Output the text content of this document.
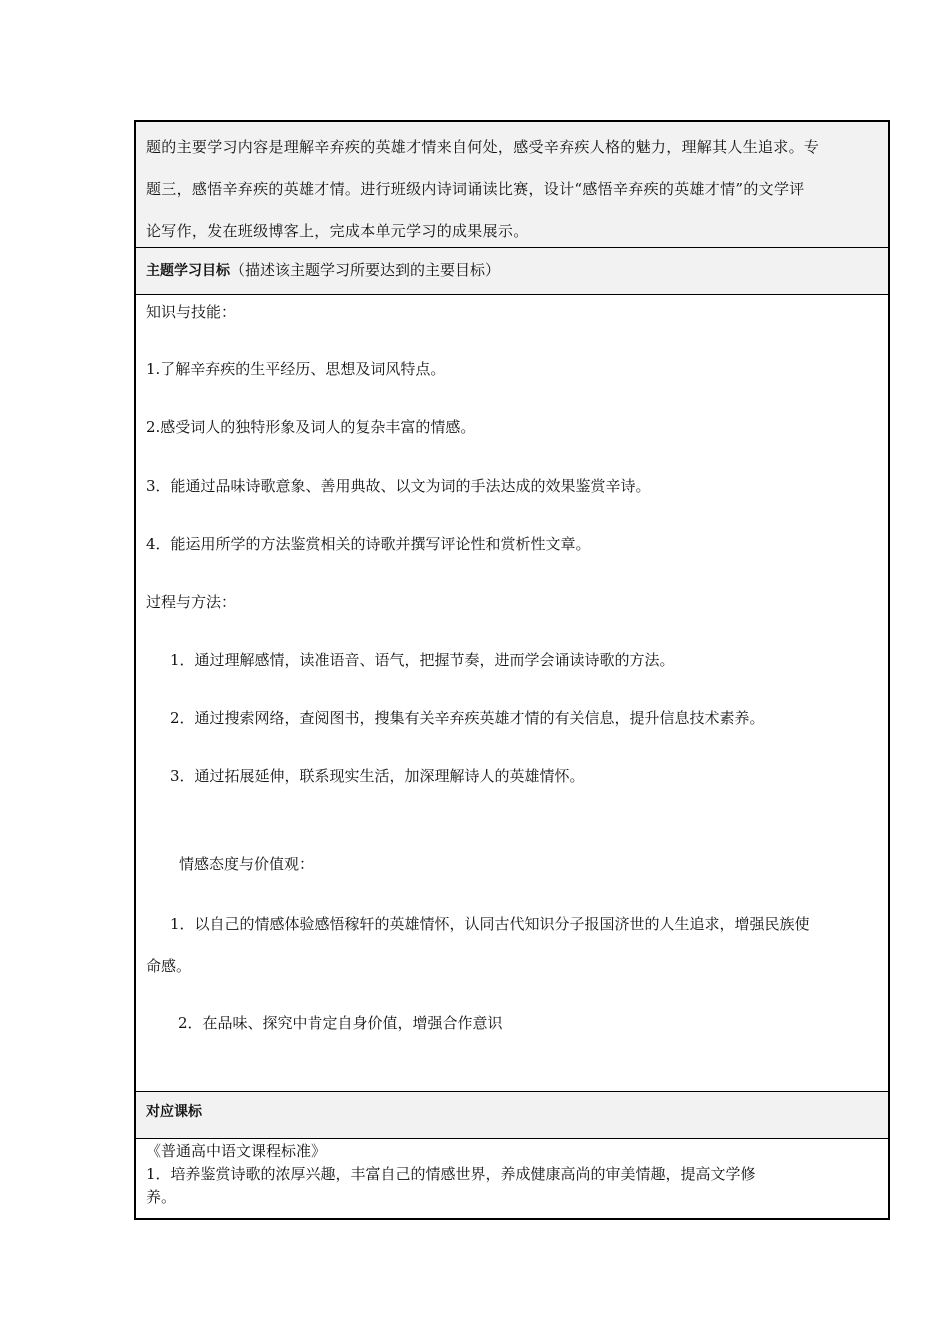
题的主要学习内容是理解辛弃疾的英雄才情来自何处，感受辛弃疾人格的魅力，理解其人生追求。专
题三，感悟辛弃疾的英雄才情。进行班级内诗词诵读比赛，设计“感悟辛弃疾的英雄才情”的文学评
论写作，发在班级博客上，完成本单元学习的成果展示。
主题学习目标（描述该主题学习所要达到的主要目标）
知识与技能：
1.了解辛弃疾的生平经历、思想及词风特点。
2.感受词人的独特形象及词人的复杂丰富的情感。
3．能通过品味诗歌意象、善用典故、以文为词的手法达成的效果鉴赏辛诗。
4．能运用所学的方法鉴赏相关的诗歌并撰写评论性和赏析性文章。
过程与方法：
1．通过理解感情，读准语音、语气，把握节奏，进而学会诵读诗歌的方法。
2．通过搜索网络，查阅图书，搜集有关辛弃疾英雄才情的有关信息，提升信息技术素养。
3．通过拓展延伸，联系现实生活，加深理解诗人的英雄情怀。
情感态度与价值观：
1．以自己的情感体验感悟稼轩的英雄情怀，认同古代知识分子报国济世的人生追求，增强民族使
命感。
2．在品味、探究中肯定自身价值，增强合作意识
对应课标
《普通高中语文课程标准》
1．培养鉴赏诗歌的浓厚兴趣，丰富自己的情感世界，养成健康高尚的审美情趣，提高文学修
养。
